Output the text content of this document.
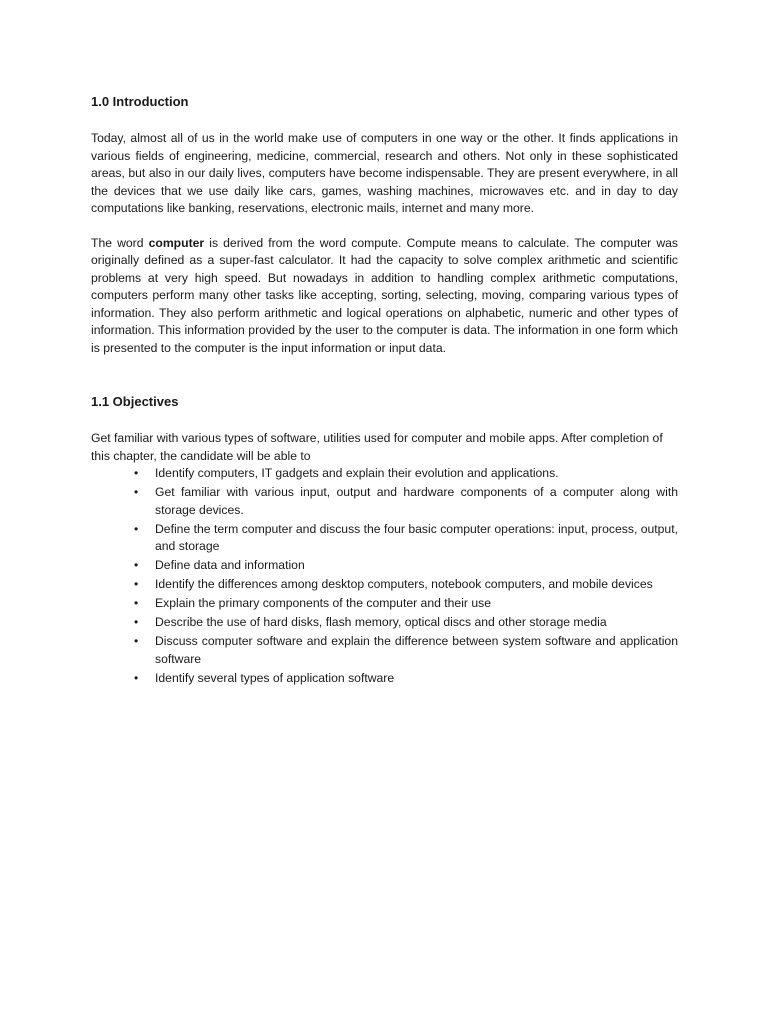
1.0 Introduction

Today, almost all of us in the world make use of computers in one way or the other. It finds applications in various fields of engineering, medicine, commercial, research and others. Not only in these sophisticated areas, but also in our daily lives, computers have become indispensable. They are present everywhere, in all the devices that we use daily like cars, games, washing machines, microwaves etc. and in day to day computations like banking, reservations, electronic mails, internet and many more.

The word computer is derived from the word compute. Compute means to calculate. The computer was originally defined as a super-fast calculator. It had the capacity to solve complex arithmetic and scientific problems at very high speed. But nowadays in addition to handling complex arithmetic computations, computers perform many other tasks like accepting, sorting, selecting, moving, comparing various types of information. They also perform arithmetic and logical operations on alphabetic, numeric and other types of information. This information provided by the user to the computer is data. The information in one form which is presented to the computer is the input information or input data.

1.1 Objectives

Get familiar with various types of software, utilities used for computer and mobile apps. After completion of this chapter, the candidate will be able to

• Identify computers, IT gadgets and explain their evolution and applications.
• Get familiar with various input, output and hardware components of a computer along with storage devices.
• Define the term computer and discuss the four basic computer operations: input, process, output, and storage
• Define data and information
• Identify the differences among desktop computers, notebook computers, and mobile devices
• Explain the primary components of the computer and their use
• Describe the use of hard disks, flash memory, optical discs and other storage media
• Discuss computer software and explain the difference between system software and application software
• Identify several types of application software
